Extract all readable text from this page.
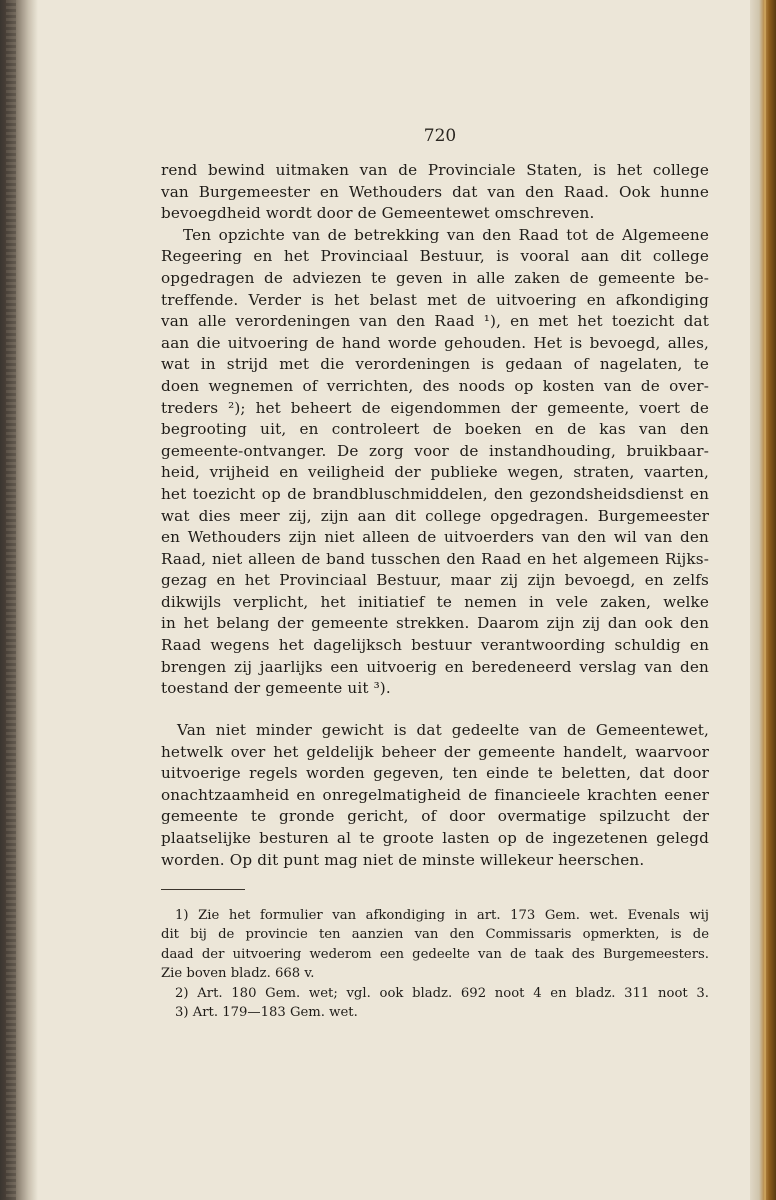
720
rend bewind uitmaken van de Provinciale Staten, is het college
van Burgemeester en Wethouders dat van den Raad. Ook hunne
bevoegdheid wordt door de Gemeentewet omschreven.
Ten opzichte van de betrekking van den Raad tot de Algemeene
Regeering en het Provinciaal Bestuur, is vooral aan dit college
opgedragen de adviezen te geven in alle zaken de gemeente be-
treffende. Verder is het belast met de uitvoering en afkondiging
van alle verordeningen van den Raad ¹), en met het toezicht dat
aan die uitvoering de hand worde gehouden. Het is bevoegd, alles,
wat in strijd met die verordeningen is gedaan of nagelaten, te
doen wegnemen of verrichten, des noods op kosten van de over-
treders ²); het beheert de eigendommen der gemeente, voert de
begrooting uit, en controleert de boeken en de kas van den
gemeente-ontvanger. De zorg voor de instandhouding, bruikbaar-
heid, vrijheid en veiligheid der publieke wegen, straten, vaarten,
het toezicht op de brandbluschmiddelen, den gezondsheidsdienst en
wat dies meer zij, zijn aan dit college opgedragen. Burgemeester
en Wethouders zijn niet alleen de uitvoerders van den wil van den
Raad, niet alleen de band tusschen den Raad en het algemeen Rijks-
gezag en het Provinciaal Bestuur, maar zij zijn bevoegd, en zelfs
dikwijls verplicht, het initiatief te nemen in vele zaken, welke
in het belang der gemeente strekken. Daarom zijn zij dan ook den
Raad wegens het dagelijksch bestuur verantwoording schuldig en
brengen zij jaarlijks een uitvoerig en beredeneerd verslag van den
toestand der gemeente uit ³).
Van niet minder gewicht is dat gedeelte van de Gemeentewet,
hetwelk over het geldelijk beheer der gemeente handelt, waarvoor
uitvoerige regels worden gegeven, ten einde te beletten, dat door
onachtzaamheid en onregelmatigheid de financieele krachten eener
gemeente te gronde gericht, of door overmatige spilzucht der
plaatselijke besturen al te groote lasten op de ingezetenen gelegd
worden. Op dit punt mag niet de minste willekeur heerschen.
1) Zie het formulier van afkondiging in art. 173 Gem. wet. Evenals wij
dit bij de provincie ten aanzien van den Commissaris opmerkten, is de
daad der uitvoering wederom een gedeelte van de taak des Burgemeesters.
Zie boven bladz. 668 v.
2) Art. 180 Gem. wet; vgl. ook bladz. 692 noot 4 en bladz. 311 noot 3.
3) Art. 179—183 Gem. wet.
